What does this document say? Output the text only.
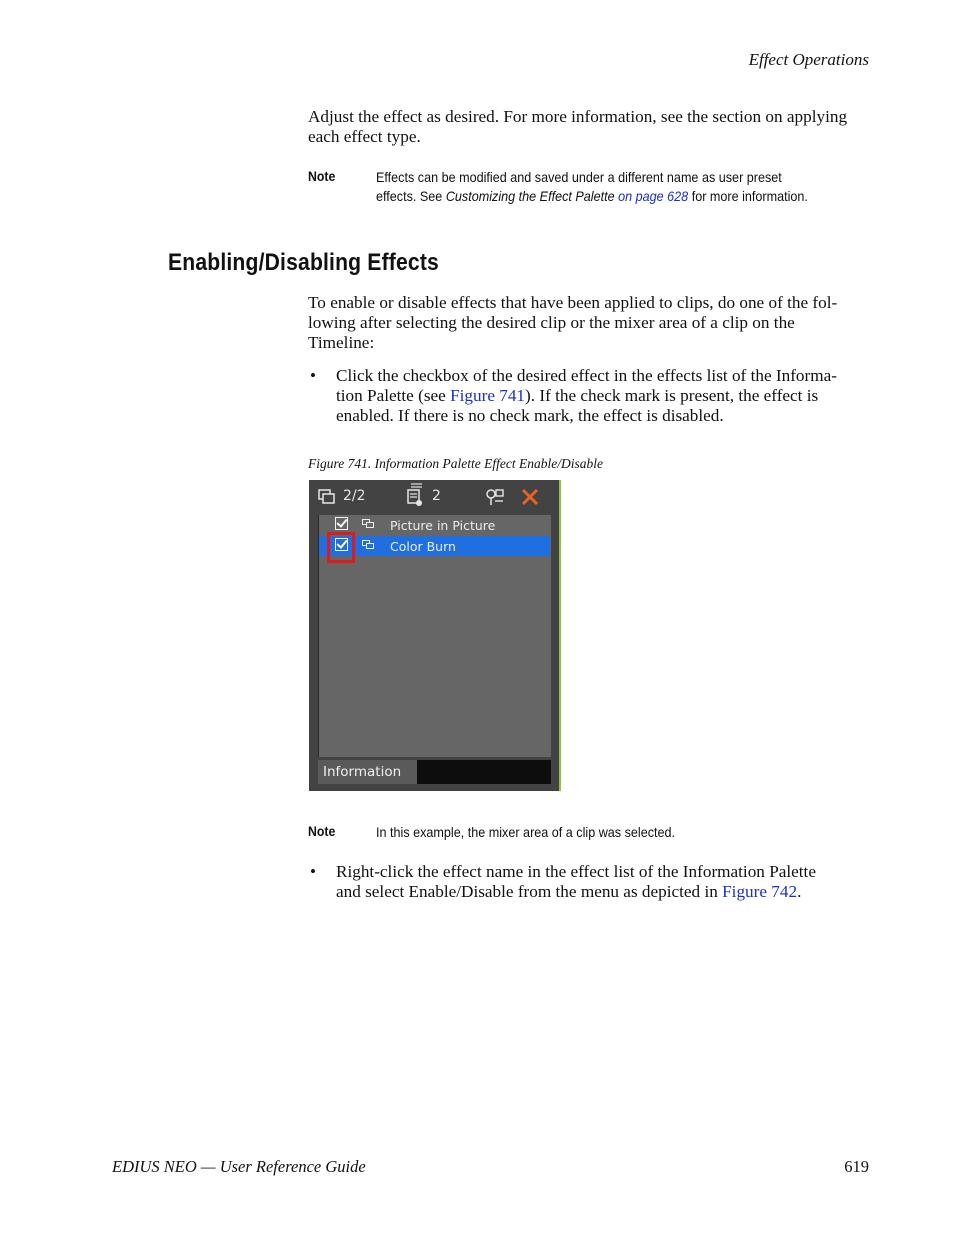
Effect Operations
Adjust the effect as desired. For more information, see the section on applying each effect type.
Note	Effects can be modified and saved under a different name as user preset
effects. See Customizing the Effect Palette on page 628 for more information.
Enabling/Disabling Effects
To enable or disable effects that have been applied to clips, do one of the fol-
lowing after selecting the desired clip or the mixer area of a clip on the
Timeline:
• Click the checkbox of the desired effect in the effects list of the Informa-
tion Palette (see Figure 741). If the check mark is present, the effect is
enabled. If there is no check mark, the effect is disabled.
Figure 741. Information Palette Effect Enable/Disable
2/2	2
Picture in Picture
Color Burn
Information
Note	In this example, the mixer area of a clip was selected.
• Right-click the effect name in the effect list of the Information Palette
and select Enable/Disable from the menu as depicted in Figure 742.
EDIUS NEO — User Reference Guide	619
